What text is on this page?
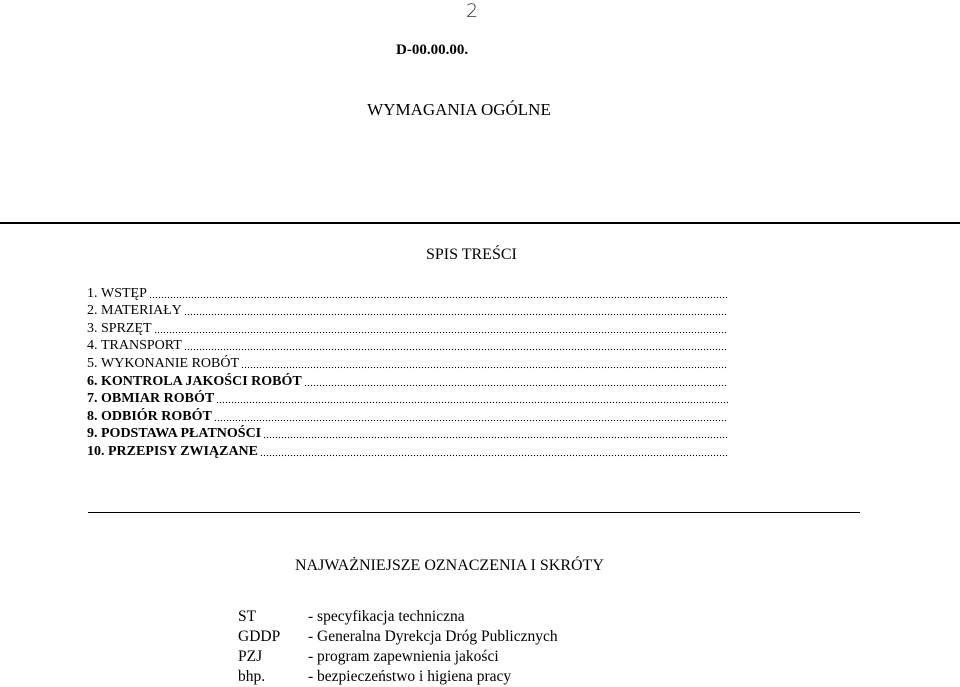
2
D-00.00.00.
WYMAGANIA OGÓLNE
SPIS TREŚCI
1. WSTĘP
2. MATERIAŁY
3. SPRZĘT
4. TRANSPORT
5. WYKONANIE ROBÓT
6. KONTROLA JAKOŚCI ROBÓT
7. OBMIAR ROBÓT
8. ODBIÓR ROBÓT
9. PODSTAWA PŁATNOŚCI
10. PRZEPISY ZWIĄZANE
NAJWAŻNIEJSZE OZNACZENIA I SKRÓTY
ST	- specyfikacja techniczna
GDDP	- Generalna Dyrekcja Dróg Publicznych
PZJ	- program zapewnienia jakości
bhp.	- bezpieczeństwo i higiena pracy
